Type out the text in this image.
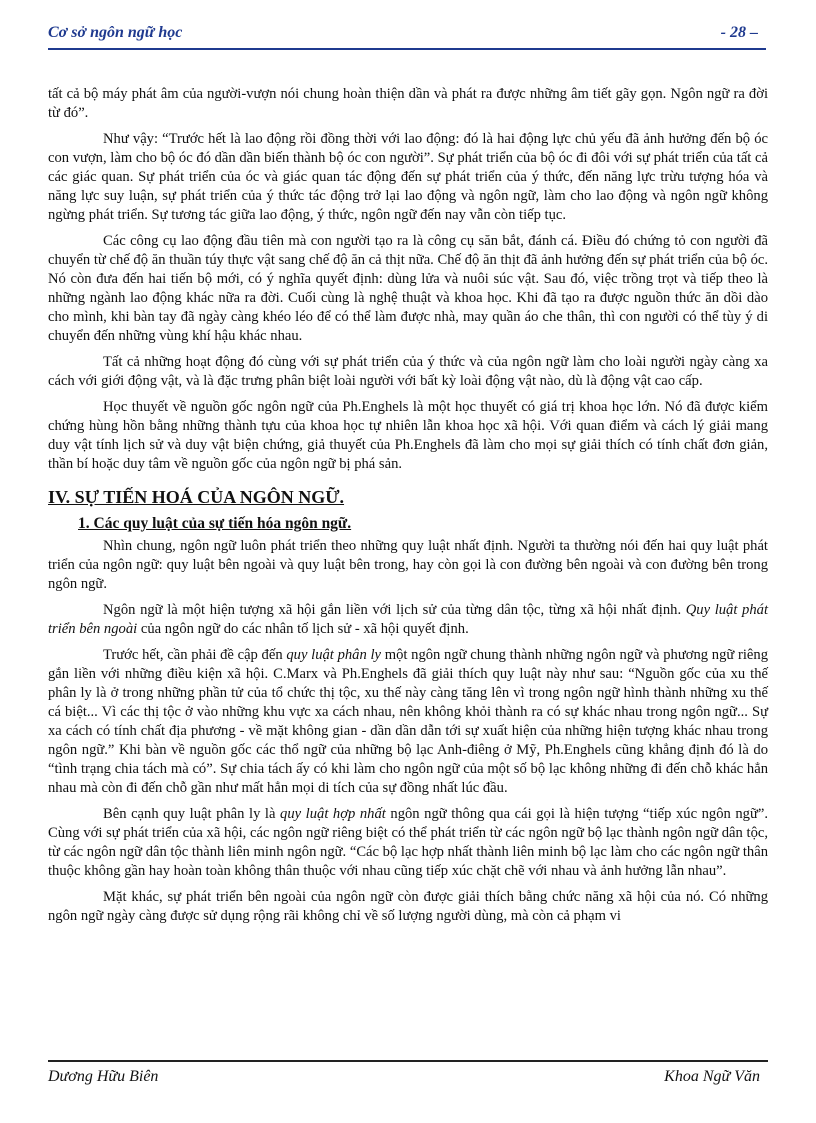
Cơ sở ngôn ngữ học	- 28 –

tất cả bộ máy phát âm của người-vượn nói chung hoàn thiện dần và phát ra được những âm tiết gãy gọn. Ngôn ngữ ra đời từ đó”.

Như vậy: “Trước hết là lao động rồi đồng thời với lao động: đó là hai động lực chủ yếu đã ảnh hưởng đến bộ óc con vượn, làm cho bộ óc đó dần dần biến thành bộ óc con người”. Sự phát triển của bộ óc đi đôi với sự phát triển của tất cả các giác quan. Sự phát triển của óc và giác quan tác động đến sự phát triển của ý thức, đến năng lực trừu tượng hóa và năng lực suy luận, sự phát triển của ý thức tác động trở lại lao động và ngôn ngữ, làm cho lao động và ngôn ngữ không ngừng phát triển. Sự tương tác giữa lao động, ý thức, ngôn ngữ đến nay vẫn còn tiếp tục.

Các công cụ lao động đầu tiên mà con người tạo ra là công cụ săn bắt, đánh cá. Điều đó chứng tỏ con người đã chuyển từ chế độ ăn thuần túy thực vật sang chế độ ăn cả thịt nữa. Chế độ ăn thịt đã ảnh hưởng đến sự phát triển của bộ óc. Nó còn đưa đến hai tiến bộ mới, có ý nghĩa quyết định: dùng lửa và nuôi súc vật. Sau đó, việc trồng trọt và tiếp theo là những ngành lao động khác nữa ra đời. Cuối cùng là nghệ thuật và khoa học. Khi đã tạo ra được nguồn thức ăn dồi dào cho mình, khi bàn tay đã ngày càng khéo léo để có thể làm được nhà, may quần áo che thân, thì con người có thể tùy ý di chuyển đến những vùng khí hậu khác nhau.

Tất cả những hoạt động đó cùng với sự phát triển của ý thức và của ngôn ngữ làm cho loài người ngày càng xa cách với giới động vật, và là đặc trưng phân biệt loài người với bất kỳ loài động vật nào, dù là động vật cao cấp.

Học thuyết về nguồn gốc ngôn ngữ của Ph.Enghels là một học thuyết có giá trị khoa học lớn. Nó đã được kiểm chứng hùng hồn bằng những thành tựu của khoa học tự nhiên lẫn khoa học xã hội. Với quan điểm và cách lý giải mang duy vật tính lịch sử và duy vật biện chứng, giả thuyết của Ph.Enghels đã làm cho mọi sự giải thích có tính chất đơn giản, thần bí hoặc duy tâm về nguồn gốc của ngôn ngữ bị phá sản.

IV. SỰ TIẾN HOÁ CỦA NGÔN NGỮ.
1. Các quy luật của sự tiến hóa ngôn ngữ.

Nhìn chung, ngôn ngữ luôn phát triển theo những quy luật nhất định. Người ta thường nói đến hai quy luật phát triển của ngôn ngữ: quy luật bên ngoài và quy luật bên trong, hay còn gọi là con đường bên ngoài và con đường bên trong ngôn ngữ.

Ngôn ngữ là một hiện tượng xã hội gắn liền với lịch sử của từng dân tộc, từng xã hội nhất định. Quy luật phát triển bên ngoài của ngôn ngữ do các nhân tố lịch sử - xã hội quyết định.

Trước hết, cần phải đề cập đến quy luật phân ly một ngôn ngữ chung thành những ngôn ngữ và phương ngữ riêng gắn liền với những điều kiện xã hội. C.Marx và Ph.Enghels đã giải thích quy luật này như sau: “Nguồn gốc của xu thế phân ly là ở trong những phần tử của tổ chức thị tộc, xu thế này càng tăng lên vì trong ngôn ngữ hình thành những xu thế cá biệt... Vì các thị tộc ở vào những khu vực xa cách nhau, nên không khỏi thành ra có sự khác nhau trong ngôn ngữ... Sự xa cách có tính chất địa phương - về mặt không gian - dần dần dẫn tới sự xuất hiện của những hiện tượng khác nhau trong ngôn ngữ.” Khi bàn về nguồn gốc các thổ ngữ của những bộ lạc Anh-điêng ở Mỹ, Ph.Enghels cũng khẳng định đó là do “tình trạng chia tách mà có”. Sự chia tách ấy có khi làm cho ngôn ngữ của một số bộ lạc không những đi đến chỗ khác hẳn nhau mà còn đi đến chỗ gần như mất hẳn mọi di tích của sự đồng nhất lúc đầu.

Bên cạnh quy luật phân ly là quy luật hợp nhất ngôn ngữ thông qua cái gọi là hiện tượng “tiếp xúc ngôn ngữ”. Cùng với sự phát triển của xã hội, các ngôn ngữ riêng biệt có thể phát triển từ các ngôn ngữ bộ lạc thành ngôn ngữ dân tộc, từ các ngôn ngữ dân tộc thành liên minh ngôn ngữ. “Các bộ lạc hợp nhất thành liên minh bộ lạc làm cho các ngôn ngữ thân thuộc không gần hay hoàn toàn không thân thuộc với nhau cũng tiếp xúc chặt chẽ với nhau và ảnh hưởng lẫn nhau”.

Mặt khác, sự phát triển bên ngoài của ngôn ngữ còn được giải thích bằng chức năng xã hội của nó. Có những ngôn ngữ ngày càng được sử dụng rộng rãi không chỉ về số lượng người dùng, mà còn cả phạm vi

Dương Hữu Biên	Khoa Ngữ Văn
